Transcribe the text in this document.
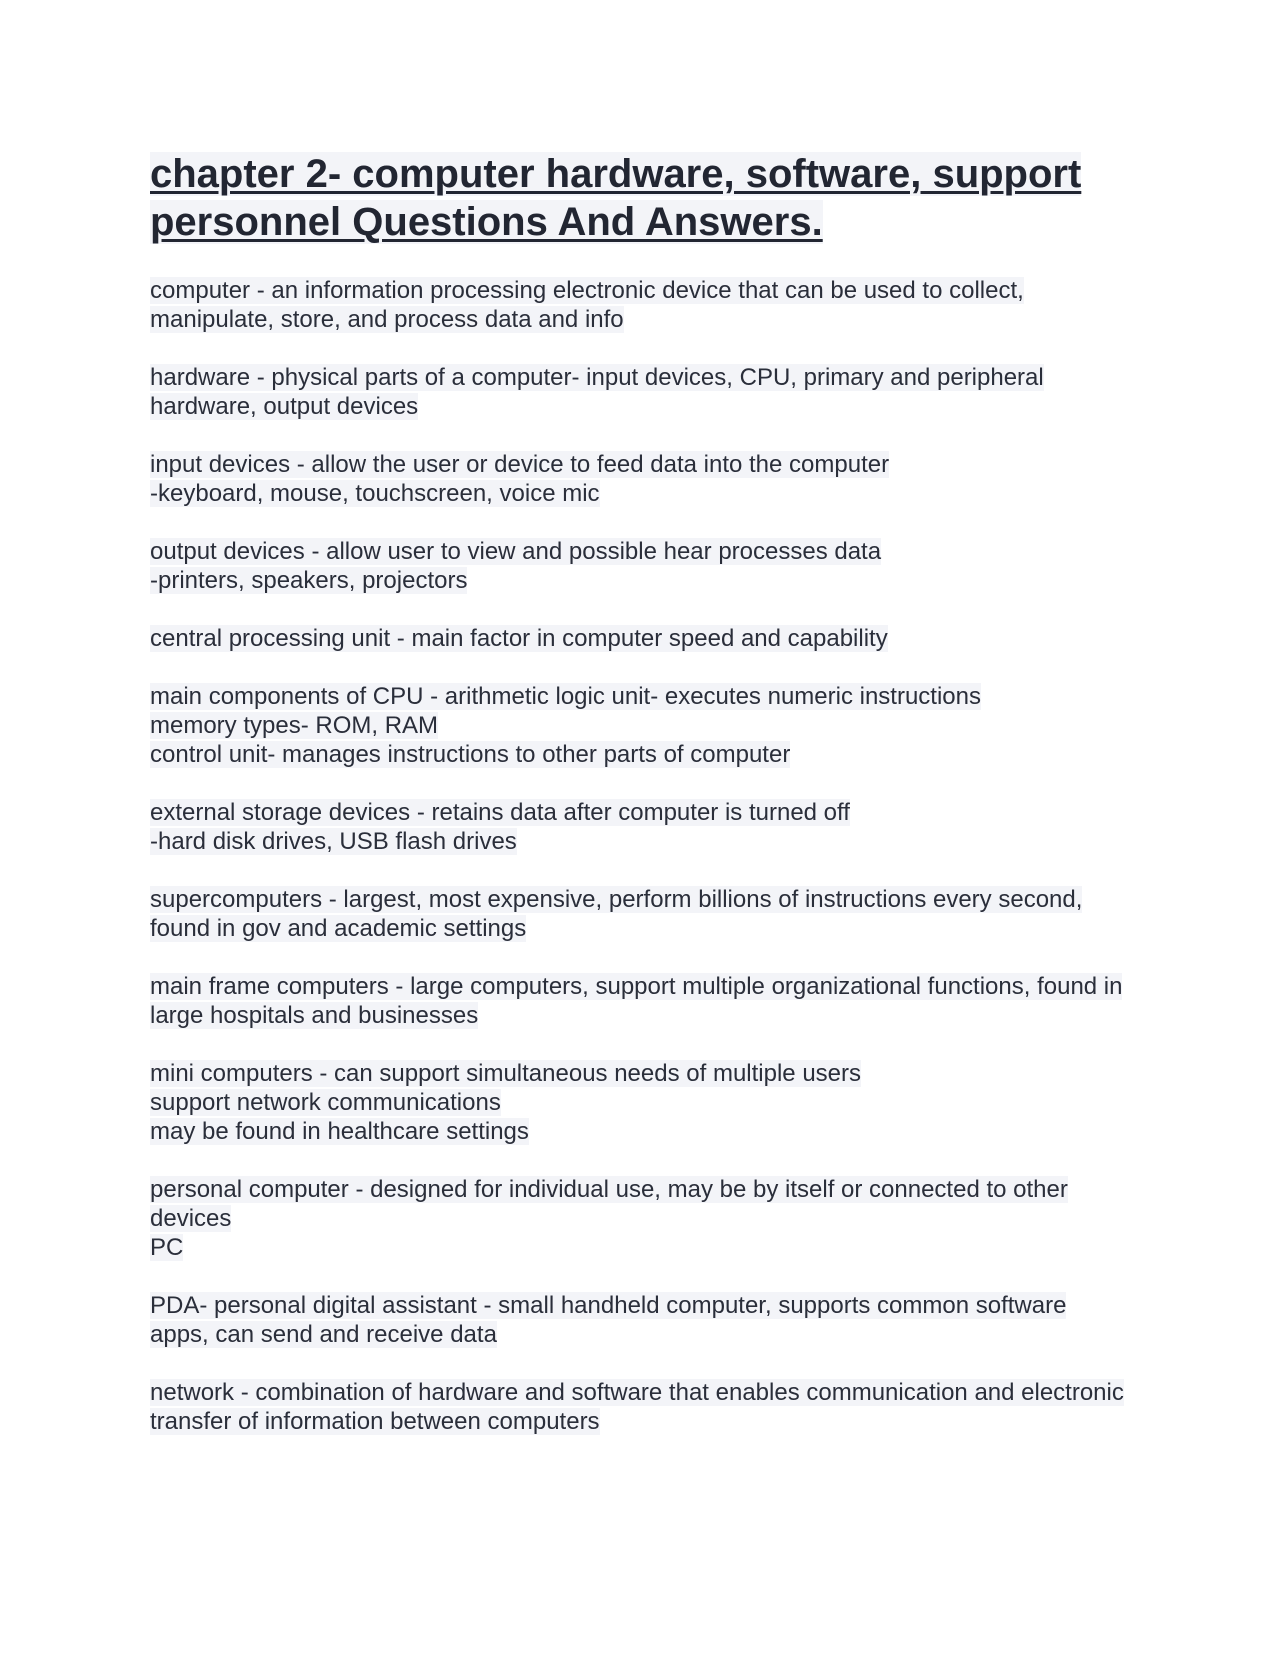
chapter 2- computer hardware, software, support personnel Questions And Answers.
computer - an information processing electronic device that can be used to collect, manipulate, store, and process data and info
hardware - physical parts of a computer- input devices, CPU, primary and peripheral hardware, output devices
input devices - allow the user or device to feed data into the computer
-keyboard, mouse, touchscreen, voice mic
output devices - allow user to view and possible hear processes data
-printers, speakers, projectors
central processing unit - main factor in computer speed and capability
main components of CPU - arithmetic logic unit- executes numeric instructions
memory types- ROM, RAM
control unit- manages instructions to other parts of computer
external storage devices - retains data after computer is turned off
-hard disk drives, USB flash drives
supercomputers - largest, most expensive, perform billions of instructions every second, found in gov and academic settings
main frame computers - large computers, support multiple organizational functions, found in large hospitals and businesses
mini computers - can support simultaneous needs of multiple users
support network communications
may be found in healthcare settings
personal computer - designed for individual use, may be by itself or connected to other devices
PC
PDA- personal digital assistant - small handheld computer, supports common software apps, can send and receive data
network - combination of hardware and software that enables communication and electronic transfer of information between computers
